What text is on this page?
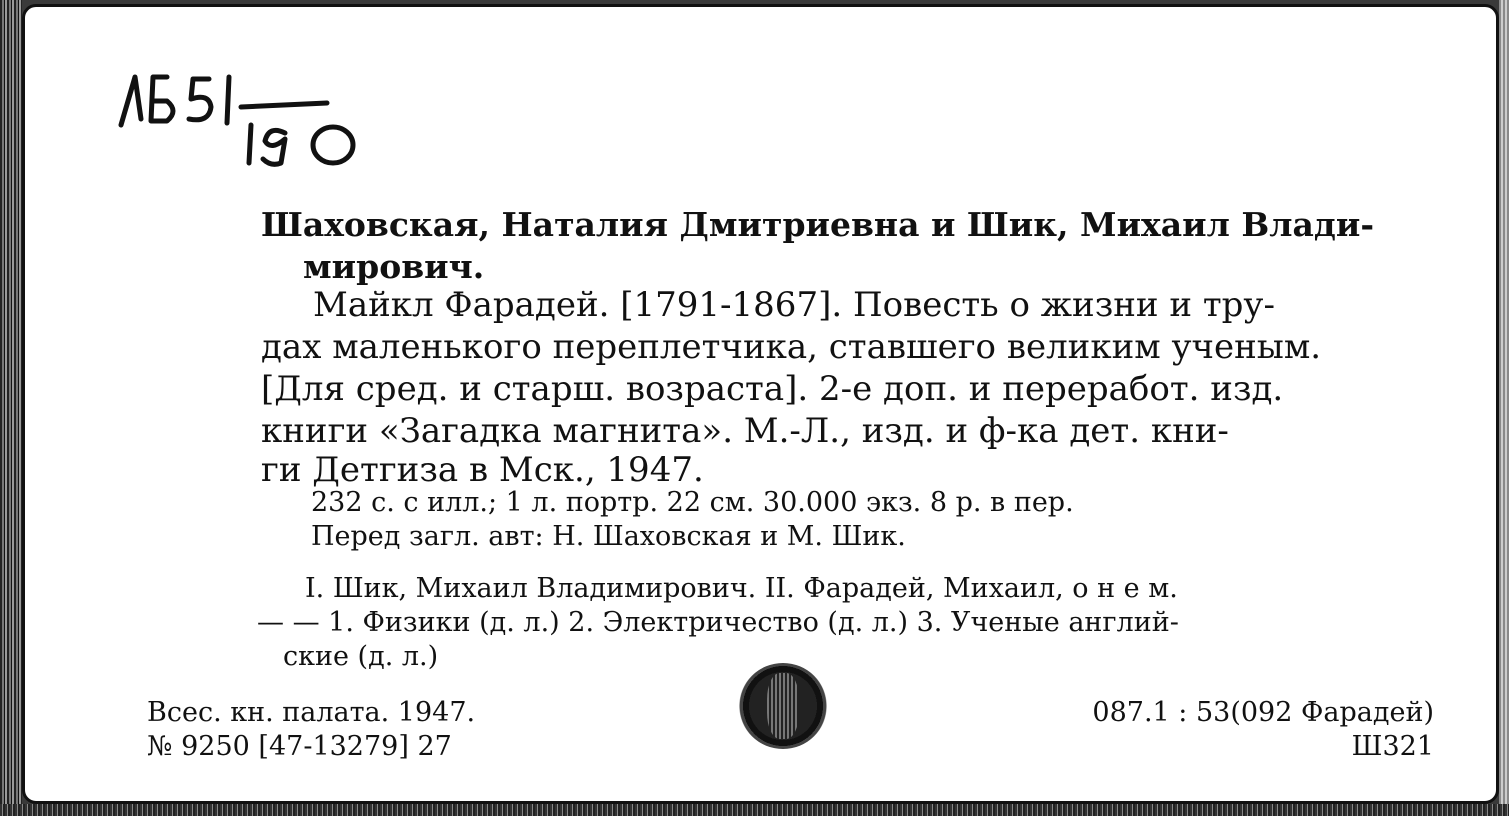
Шаховская, Наталия Дмитриевна и Шик, Михаил Влади-
мирович.
Майкл Фарадей. [1791-1867]. Повесть о жизни и тру-
дах маленького переплетчика, ставшего великим ученым.
[Для сред. и старш. возраста]. 2-е доп. и переработ. изд.
книги «Загадка магнита». М.-Л., изд. и ф-ка дет. кни-
ги Детгиза в Мск., 1947.
232 с. с илл.; 1 л. портр. 22 см. 30.000 экз. 8 р. в пер.
Перед загл. авт: Н. Шаховская и М. Шик.
I. Шик, Михаил Владимирович. II. Фарадей, Михаил, о н е м.
— — 1. Физики (д. л.) 2. Электричество (д. л.) 3. Ученые англий-
ские (д. л.)
Всес. кн. палата. 1947.
№ 9250 [47-13279] 27
087.1 : 53(092 Фарадей)
Ш321
